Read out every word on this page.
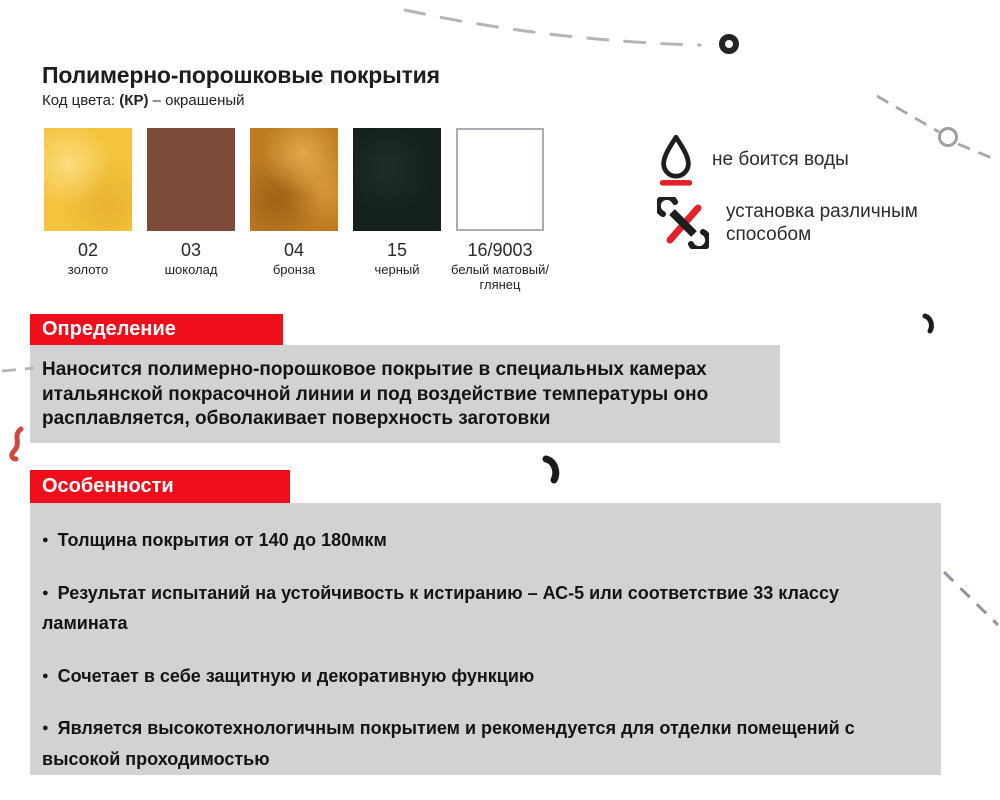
Полимерно-порошковые покрытия

Код цвета: (КР) – окрашеный

02
золото
03
шоколад
04
бронза
15
черный
16/9003
белый матовый/глянец
не боится воды
установка различным способом
Определение
Наносится полимерно-порошковое покрытие в специальных камерах итальянской покрасочной линии и под воздействие температуры оно расплавляется, обволакивает поверхность заготовки
Особенности
● Толщина покрытия от 140 до 180мкм
● Результат испытаний на устойчивость к истиранию – АС-5 или соответствие 33 классу ламината
● Сочетает в себе защитную и декоративную функцию
● Является высокотехнологичным покрытием и рекомендуется для отделки помещений с высокой проходимостью
